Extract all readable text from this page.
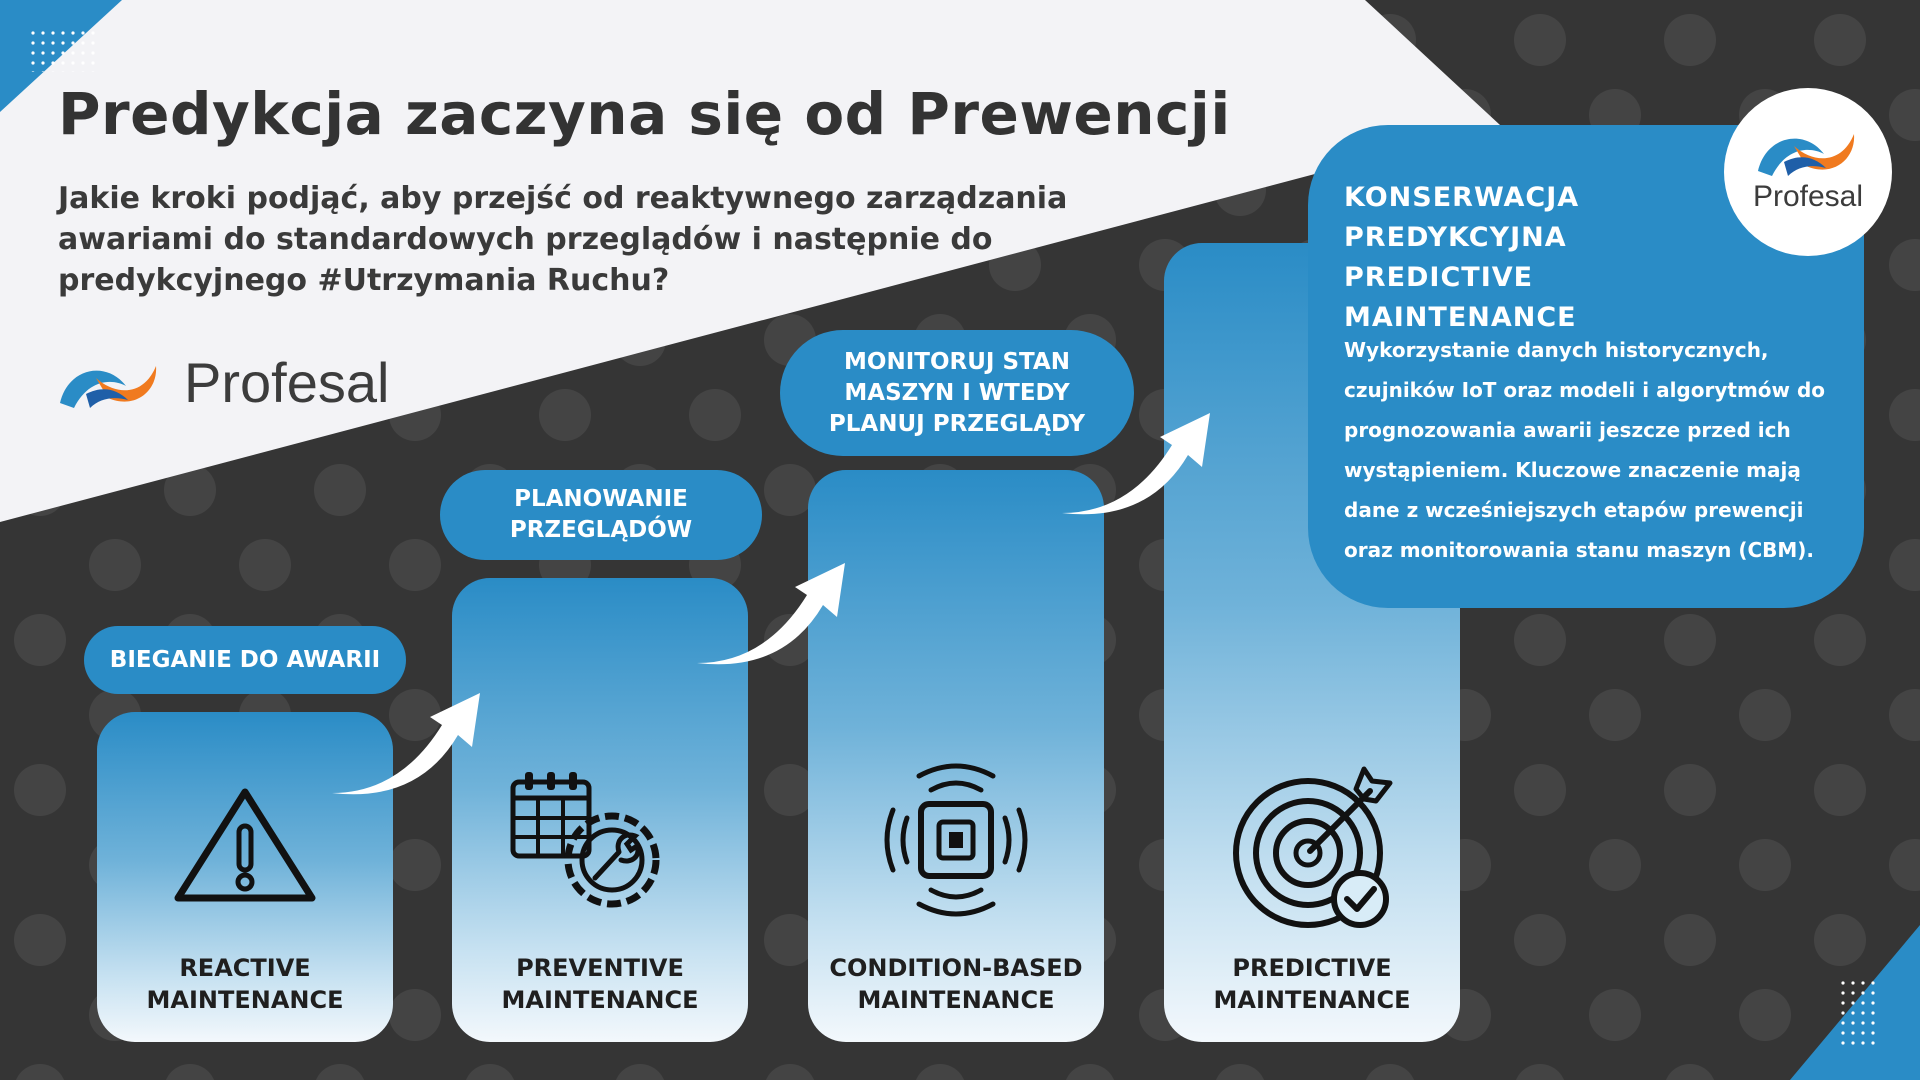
Predykcja zaczyna się od Prewencji
Jakie kroki podjąć, aby przejść od reaktywnego zarządzania awariami do standardowych przeglądów i następnie do predykcyjnego #Utrzymania Ruchu?
Profesal
BIEGANIE DO AWARII
PLANOWANIE
PRZEGLĄDÓW
MONITORUJ STAN
MASZYN I WTEDY
PLANUJ PRZEGLĄDY
REACTIVE
MAINTENANCE
PREVENTIVE
MAINTENANCE
CONDITION-BASED
MAINTENANCE
PREDICTIVE
MAINTENANCE
KONSERWACJA
PREDYKCYJNA
PREDICTIVE MAINTENANCE
Wykorzystanie danych historycznych, czujników IoT oraz modeli i algorytmów do prognozowania awarii jeszcze przed ich wystąpieniem. Kluczowe znaczenie mają dane z wcześniejszych etapów prewencji oraz monitorowania stanu maszyn (CBM).
Profesal
